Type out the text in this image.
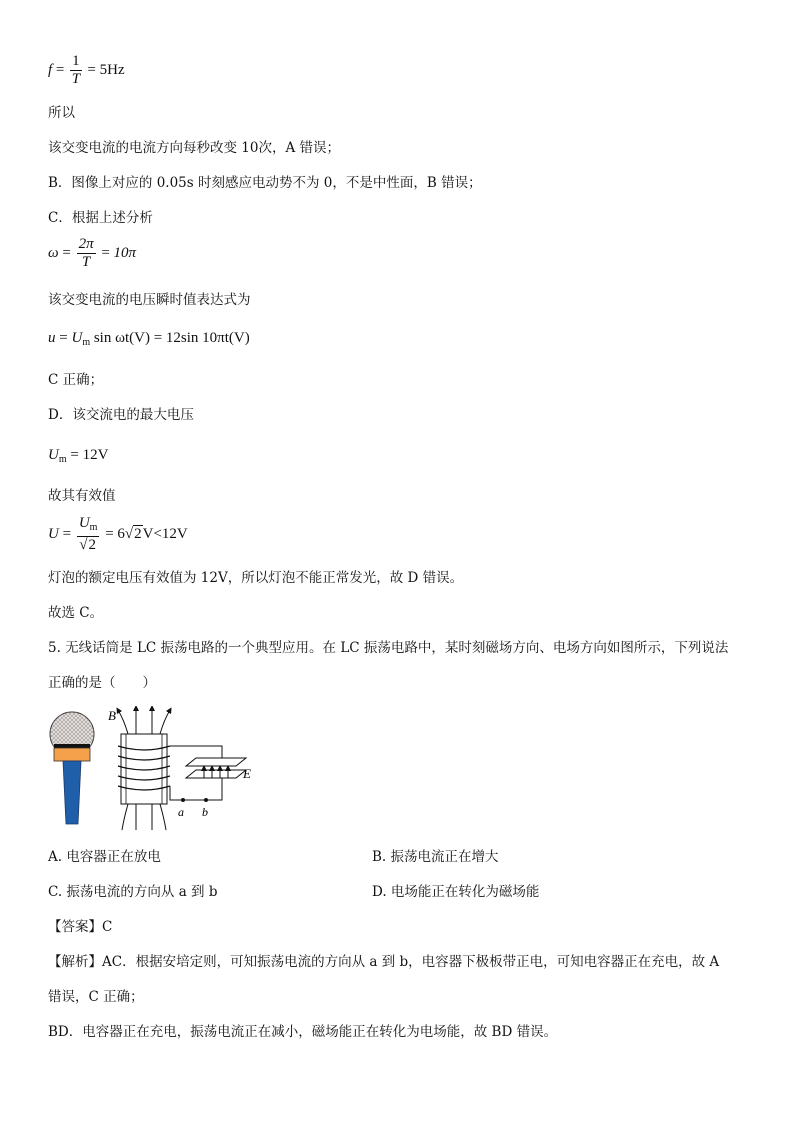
$f = \frac{1}{T} = 5Hz$
所以
该交变电流的电流方向每秒改变 10次，A 错误；
B．图像上对应的 0.05s 时刻感应电动势不为 0，不是中性面，B 错误；
C．根据上述分析
$\omega = \frac{2\pi}{T} = 10\pi$
该交变电流的电压瞬时值表达式为
$u = U_m$ sin ωt(V) = 12sin 10πt(V)
C 正确；
D．该交流电的最大电压
$U_m = 12V$
故其有效值
$U = \frac{U_m}{√2} = 6√2V<12V$
灯泡的额定电压有效值为 12V，所以灯泡不能正常发光，故 D 错误。
故选 C。
5. 无线话筒是 LC 振荡电路的一个典型应用。在 LC 振荡电路中，某时刻磁场方向、电场方向如图所示，下列说法
正确的是（　　）
B
E
a b
A. 电容器正在放电	B. 振荡电流正在增大
C. 振荡电流的方向从 a 到 b	D. 电场能正在转化为磁场能
【答案】C
【解析】AC．根据安培定则，可知振荡电流的方向从 a 到 b，电容器下极板带正电，可知电容器正在充电，故 A
错误，C 正确；
BD．电容器正在充电，振荡电流正在减小，磁场能正在转化为电场能，故 BD 错误。
